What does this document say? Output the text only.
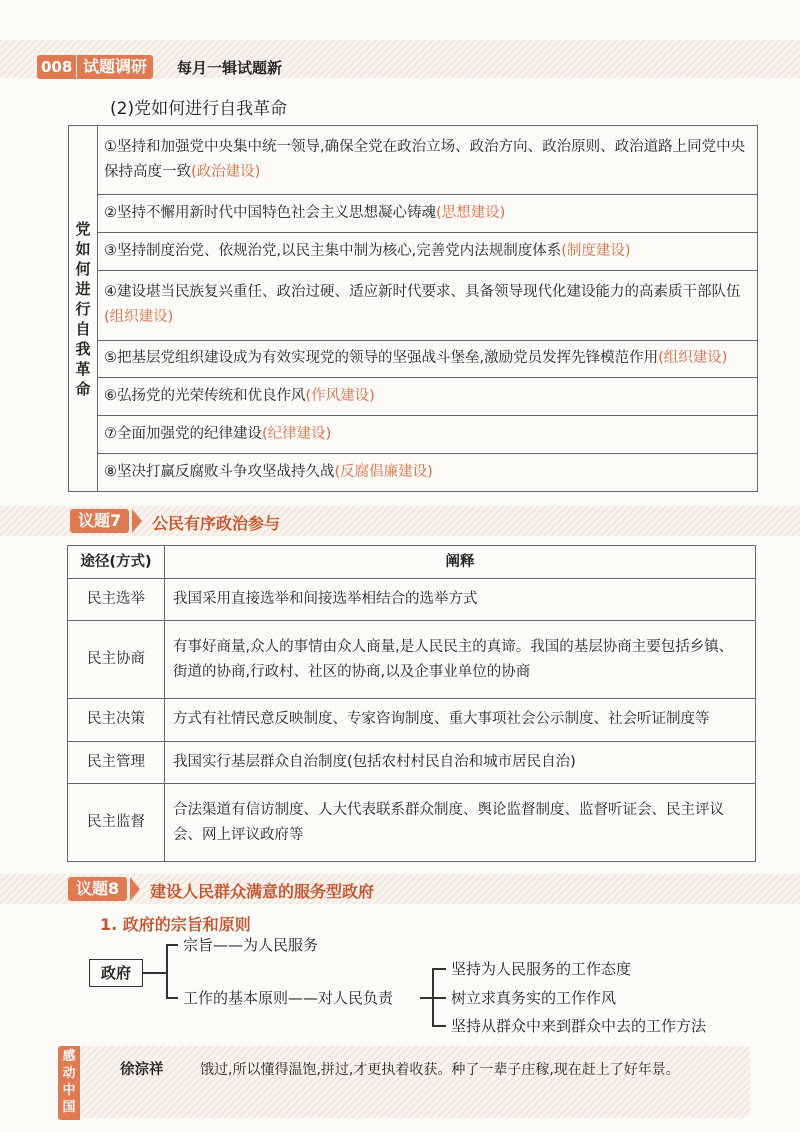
008 试题调研	每月一辑试题新
(2)党如何进行自我革命
党如何进行自我革命	①坚持和加强党中央集中统一领导,确保全党在政治立场、政治方向、政治原则、政治道路上同党中央保持高度一致(政治建设)
②坚持不懈用新时代中国特色社会主义思想凝心铸魂(思想建设)
③坚持制度治党、依规治党,以民主集中制为核心,完善党内法规制度体系(制度建设)
④建设堪当民族复兴重任、政治过硬、适应新时代要求、具备领导现代化建设能力的高素质干部队伍(组织建设)
⑤把基层党组织建设成为有效实现党的领导的坚强战斗堡垒,激励党员发挥先锋模范作用(组织建设)
⑥弘扬党的光荣传统和优良作风(作风建设)
⑦全面加强党的纪律建设(纪律建设)
⑧坚决打赢反腐败斗争攻坚战持久战(反腐倡廉建设)
议题7	公民有序政治参与
途径(方式)	阐释
民主选举	我国采用直接选举和间接选举相结合的选举方式
民主协商	有事好商量,众人的事情由众人商量,是人民民主的真谛。我国的基层协商主要包括乡镇、街道的协商,行政村、社区的协商,以及企事业单位的协商
民主决策	方式有社情民意反映制度、专家咨询制度、重大事项社会公示制度、社会听证制度等
民主管理	我国实行基层群众自治制度(包括农村村民自治和城市居民自治)
民主监督	合法渠道有信访制度、人大代表联系群众制度、舆论监督制度、监督听证会、民主评议会、网上评议政府等
议题8	建设人民群众满意的服务型政府
1. 政府的宗旨和原则
政府
宗旨——为人民服务
工作的基本原则——对人民负责
坚持为人民服务的工作态度
树立求真务实的工作作风
坚持从群众中来到群众中去的工作方法
感动中国
饿过,所以懂得温饱,拼过,才更执着收获。种了一辈子庄稼,现在赶上了好年景。
徐淙祥
